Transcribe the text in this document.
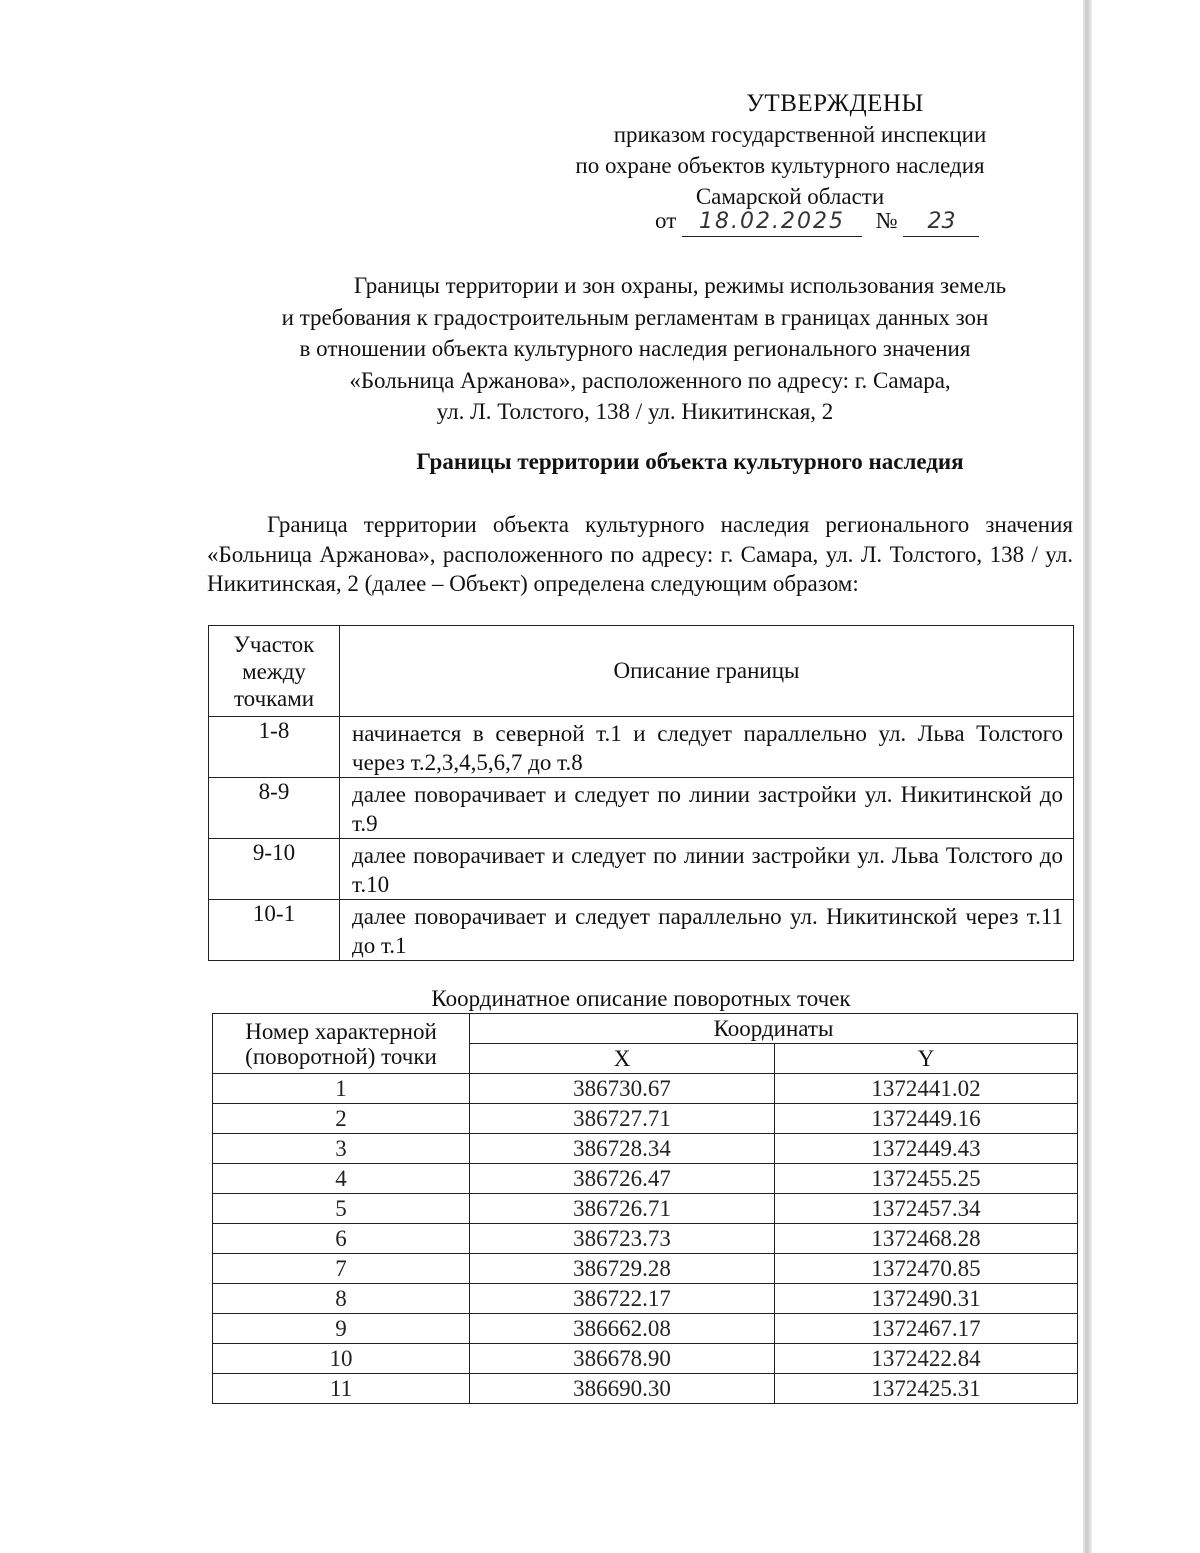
УТВЕРЖДЕНЫ
приказом государственной инспекции
по охране объектов культурного наследия
Самарской области
от 18.02.2025 № 23
Границы территории и зон охраны, режимы использования земель
и требования к градостроительным регламентам в границах данных зон
в отношении объекта культурного наследия регионального значения
«Больница Аржанова», расположенного по адресу: г. Самара,
ул. Л. Толстого, 138 / ул. Никитинская, 2
Границы территории объекта культурного наследия
Граница территории объекта культурного наследия регионального значения «Больница Аржанова», расположенного по адресу: г. Самара, ул. Л. Толстого, 138 / ул. Никитинская, 2 (далее – Объект) определена следующим образом:
Участок
между
точками	Описание границы
1-8	начинается в северной т.1 и следует параллельно ул. Льва Толстого через т.2,3,4,5,6,7 до т.8
8-9	далее поворачивает и следует по линии застройки ул. Никитинской до т.9
9-10	далее поворачивает и следует по линии застройки ул. Льва Толстого до т.10
10-1	далее поворачивает и следует параллельно ул. Никитинской через т.11 до т.1
Координатное описание поворотных точек
Номер характерной
(поворотной) точки	Координаты	
	X	Y
1	386730.67	1372441.02
2	386727.71	1372449.16
3	386728.34	1372449.43
4	386726.47	1372455.25
5	386726.71	1372457.34
6	386723.73	1372468.28
7	386729.28	1372470.85
8	386722.17	1372490.31
9	386662.08	1372467.17
10	386678.90	1372422.84
11	386690.30	1372425.31
